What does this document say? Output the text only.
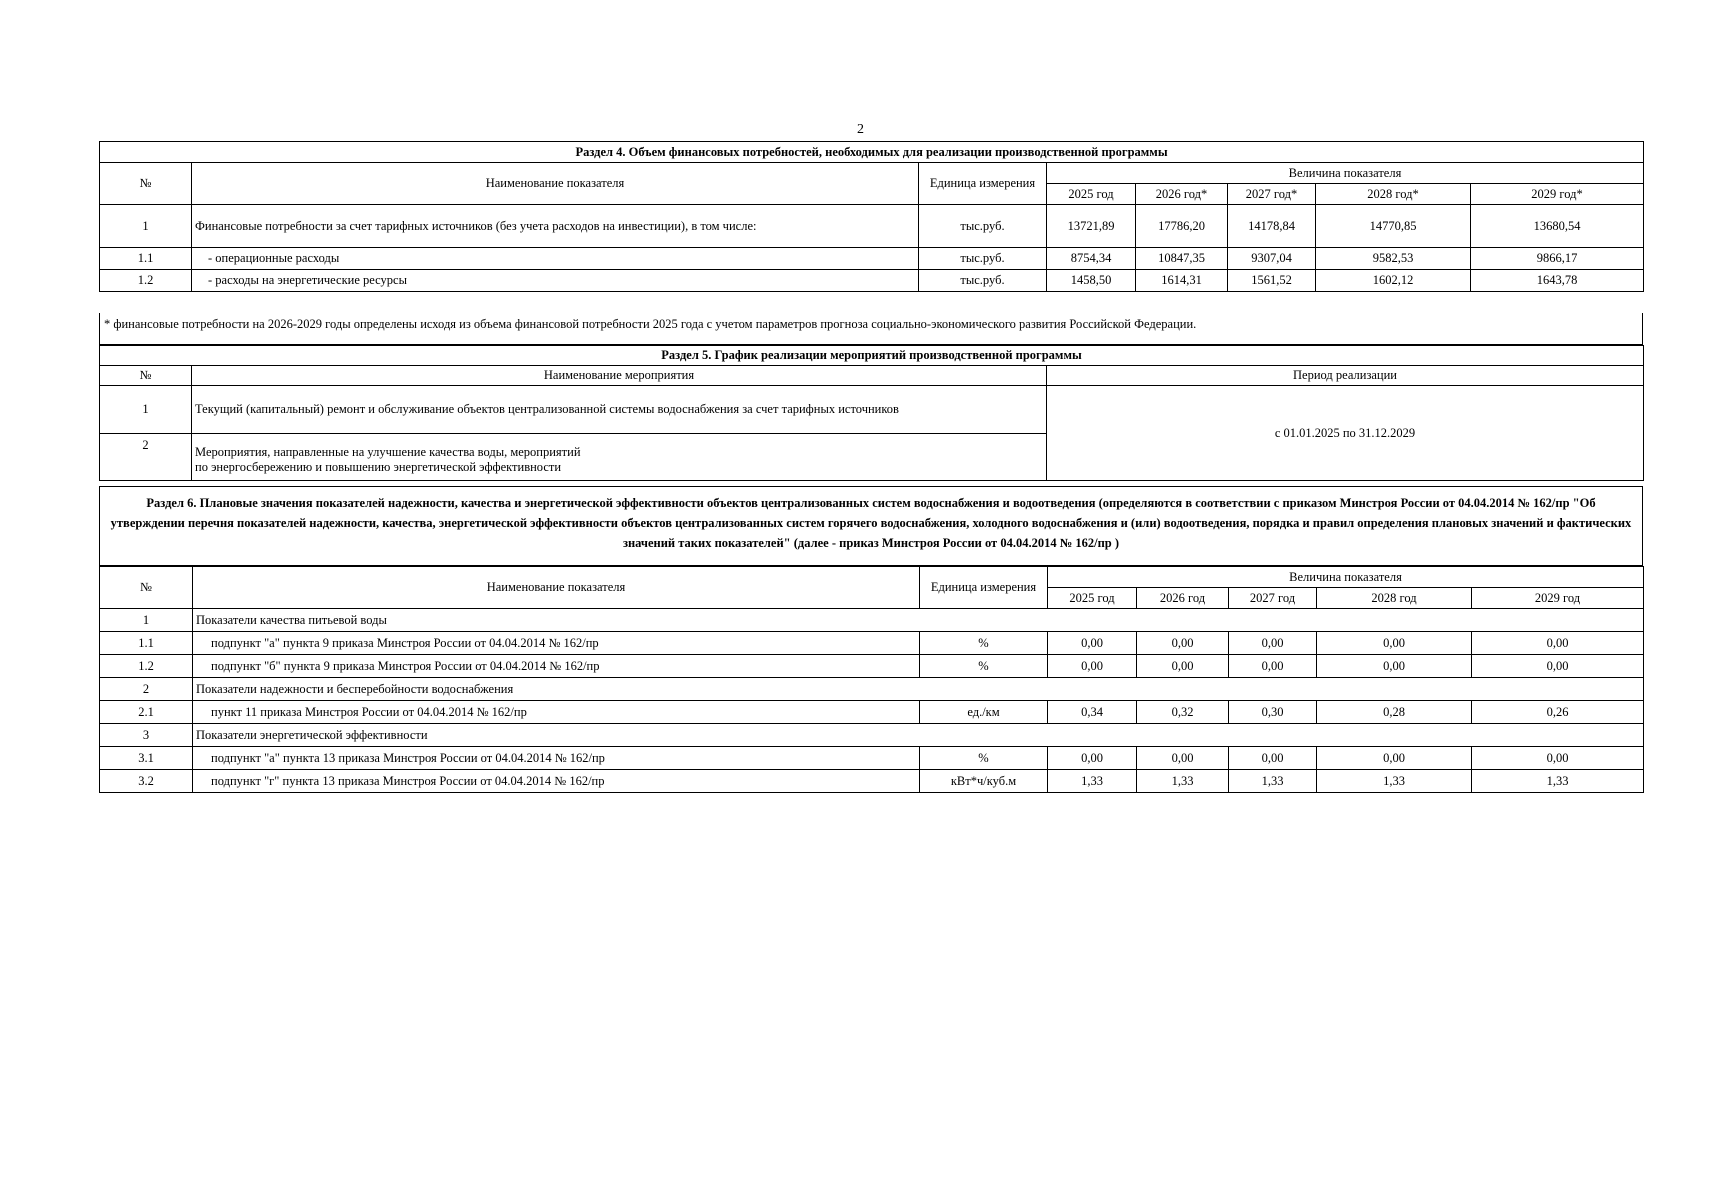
2
Раздел 4. Объем финансовых потребностей, необходимых для реализации производственной программы							
№	Наименование показателя	Единица измерения	Величина показателя				
			2025 год	2026 год*	2027 год*	2028 год*	2029 год*
1	Финансовые потребности за счет тарифных источников (без учета расходов на инвестиции), в том числе:	тыс.руб.	13721,89	17786,20	14178,84	14770,85	13680,54
1.1	- операционные расходы	тыс.руб.	8754,34	10847,35	9307,04	9582,53	9866,17
1.2	- расходы на энергетические ресурсы	тыс.руб.	1458,50	1614,31	1561,52	1602,12	1643,78
* финансовые потребности на 2026-2029 годы определены исходя из объема финансовой потребности 2025 года с учетом параметров прогноза социально-экономического развития Российской Федерации.
Раздел 5. График реализации мероприятий производственной программы		
№	Наименование мероприятия	Период реализации
1	Текущий (капитальный) ремонт и обслуживание объектов централизованной системы водоснабжения за счет тарифных источников	с 01.01.2025 по 31.12.2029
2	Мероприятия, направленные на улучшение качества воды, мероприятий
по энергосбережению и повышению энергетической эффективности	
Раздел 6. Плановые значения показателей надежности, качества и энергетической эффективности объектов централизованных систем водоснабжения и водоотведения (определяются в соответствии с приказом Минстроя России от 04.04.2014 № 162/пр "Об утверждении перечня показателей надежности, качества, энергетической эффективности объектов централизованных систем горячего водоснабжения, холодного водоснабжения и (или) водоотведения, порядка и правил определения плановых значений и фактических значений таких показателей" (далее - приказ Минстроя России от 04.04.2014 № 162/пр )
№	Наименование показателя	Единица измерения	Величина показателя				
			2025 год	2026 год	2027 год	2028 год	2029 год
1	Показатели качества питьевой воды						
1.1	подпункт "а" пункта 9 приказа Минстроя России от 04.04.2014 № 162/пр	%	0,00	0,00	0,00	0,00	0,00
1.2	подпункт "б" пункта 9 приказа Минстроя России от 04.04.2014 № 162/пр	%	0,00	0,00	0,00	0,00	0,00
2	Показатели надежности и бесперебойности водоснабжения						
2.1	пункт 11 приказа Минстроя России от 04.04.2014 № 162/пр	ед./км	0,34	0,32	0,30	0,28	0,26
3	Показатели энергетической эффективности						
3.1	подпункт "а" пункта 13 приказа Минстроя России от 04.04.2014 № 162/пр	%	0,00	0,00	0,00	0,00	0,00
3.2	подпункт "г" пункта 13 приказа Минстроя России от 04.04.2014 № 162/пр	кВт*ч/куб.м	1,33	1,33	1,33	1,33	1,33
